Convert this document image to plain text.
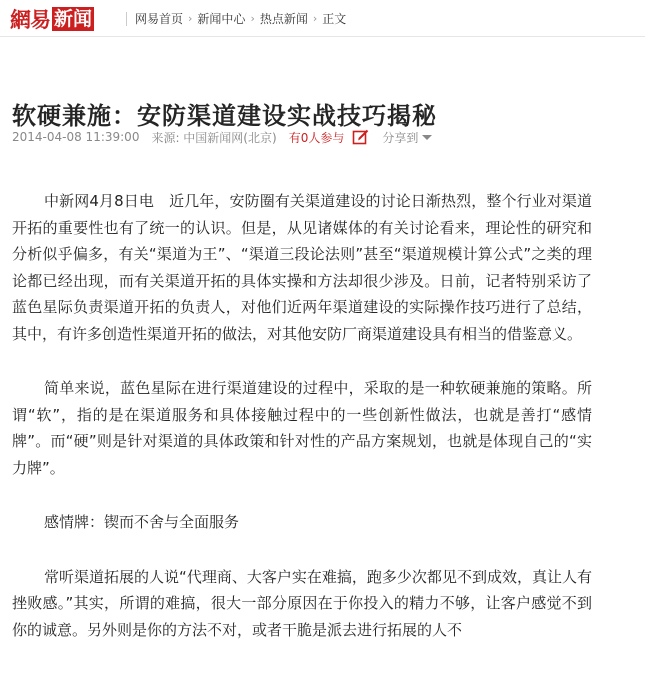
網易 新闻	网易首页 › 新闻中心 › 热点新闻 › 正文
软硬兼施：安防渠道建设实战技巧揭秘
2014-04-08 11:39:00 来源: 中国新闻网(北京) 有0人参与	分享到

中新网4月8日电　近几年，安防圈有关渠道建设的讨论日渐热烈，整个行业对渠道开拓的重要性也有了统一的认识。但是，从见诸媒体的有关讨论看来，理论性的研究和分析似乎偏多，有关“渠道为王”、“渠道三段论法则”甚至“渠道规模计算公式”之类的理论都已经出现，而有关渠道开拓的具体实操和方法却很少涉及。日前，记者特别采访了蓝色星际负责渠道开拓的负责人，对他们近两年渠道建设的实际操作技巧进行了总结，其中，有许多创造性渠道开拓的做法，对其他安防厂商渠道建设具有相当的借鉴意义。

简单来说，蓝色星际在进行渠道建设的过程中，采取的是一种软硬兼施的策略。所谓“软”，指的是在渠道服务和具体接触过程中的一些创新性做法，也就是善打“感情牌”。而“硬”则是针对渠道的具体政策和针对性的产品方案规划，也就是体现自己的“实力牌”。

感情牌：锲而不舍与全面服务

常听渠道拓展的人说“代理商、大客户实在难搞，跑多少次都见不到成效，真让人有挫败感。”其实，所谓的难搞，很大一部分原因在于你投入的精力不够，让客户感觉不到你的诚意。另外则是你的方法不对，或者干脆是派去进行拓展的人不
